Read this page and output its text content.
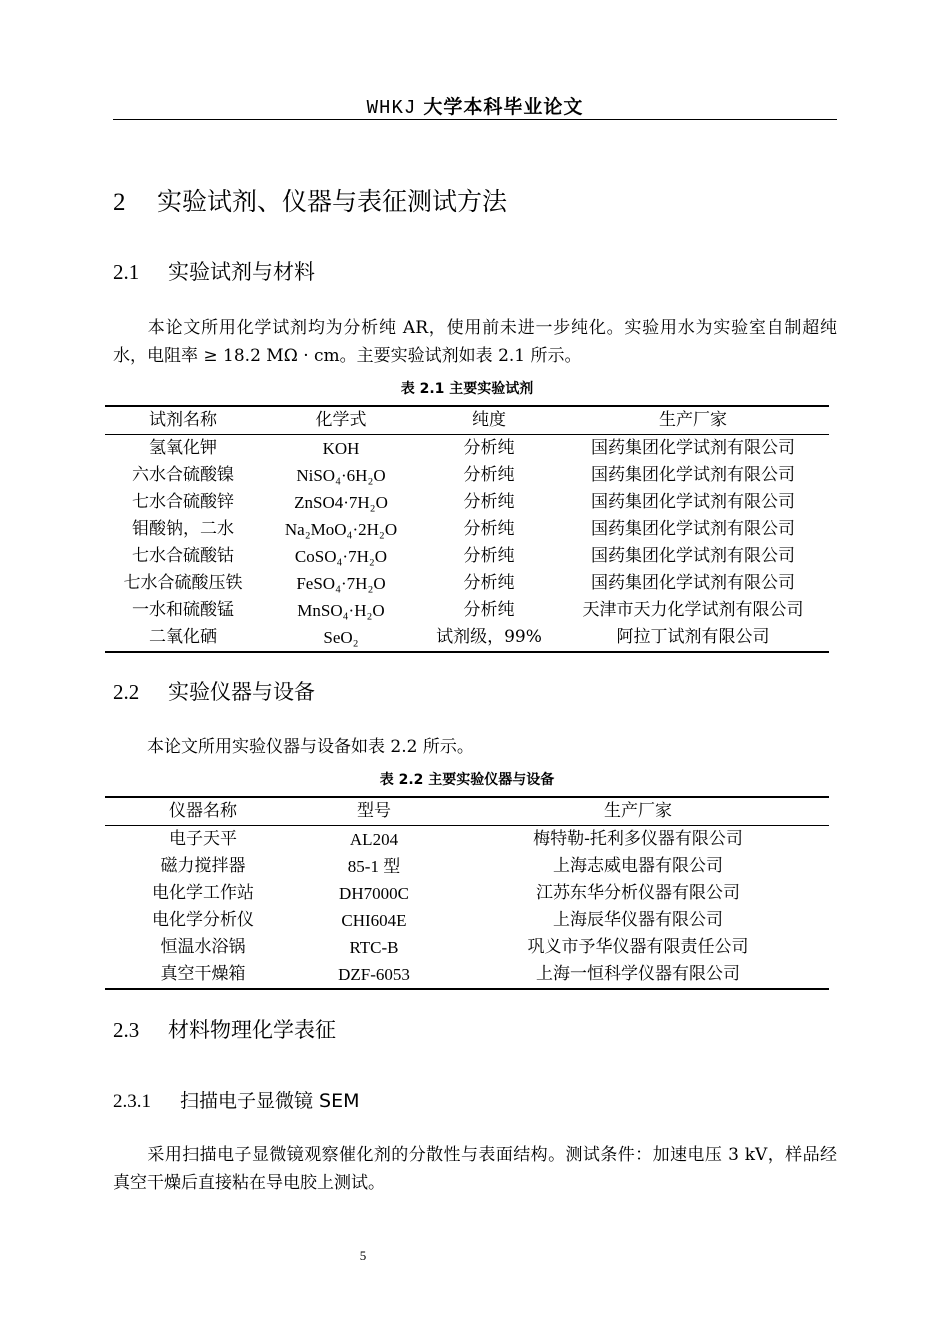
WHKJ 大学本科毕业论文
2 实验试剂、仪器与表征测试方法
2.1 实验试剂与材料
本论文所用化学试剂均为分析纯 AR，使用前未进一步纯化。实验用水为实验室自制超纯水，电阻率 ≥ 18.2 MΩ · cm。主要实验试剂如表 2.1 所示。
表 2.1 主要实验试剂
试剂名称	化学式	纯度	生产厂家
氢氧化钾	KOH	分析纯	国药集团化学试剂有限公司
六水合硫酸镍	NiSO₄·6H₂O	分析纯	国药集团化学试剂有限公司
七水合硫酸锌	ZnSO4·7H₂O	分析纯	国药集团化学试剂有限公司
钼酸钠，二水	Na₂MoO₄·2H₂O	分析纯	国药集团化学试剂有限公司
七水合硫酸钴	CoSO₄·7H₂O	分析纯	国药集团化学试剂有限公司
七水合硫酸压铁	FeSO₄·7H₂O	分析纯	国药集团化学试剂有限公司
一水和硫酸锰	MnSO₄·H₂O	分析纯	天津市天力化学试剂有限公司
二氧化硒	SeO₂	试剂级，99%	阿拉丁试剂有限公司
2.2 实验仪器与设备
本论文所用实验仪器与设备如表 2.2 所示。
表 2.2 主要实验仪器与设备
仪器名称	型号	生产厂家
电子天平	AL204	梅特勒-托利多仪器有限公司
磁力搅拌器	85-1 型	上海志威电器有限公司
电化学工作站	DH7000C	江苏东华分析仪器有限公司
电化学分析仪	CHI604E	上海辰华仪器有限公司
恒温水浴锅	RTC-B	巩义市予华仪器有限责任公司
真空干燥箱	DZF-6053	上海一恒科学仪器有限公司
2.3 材料物理化学表征
2.3.1 扫描电子显微镜 SEM
采用扫描电子显微镜观察催化剂的分散性与表面结构。测试条件：加速电压 3 kV，样品经真空干燥后直接粘在导电胶上测试。
5
